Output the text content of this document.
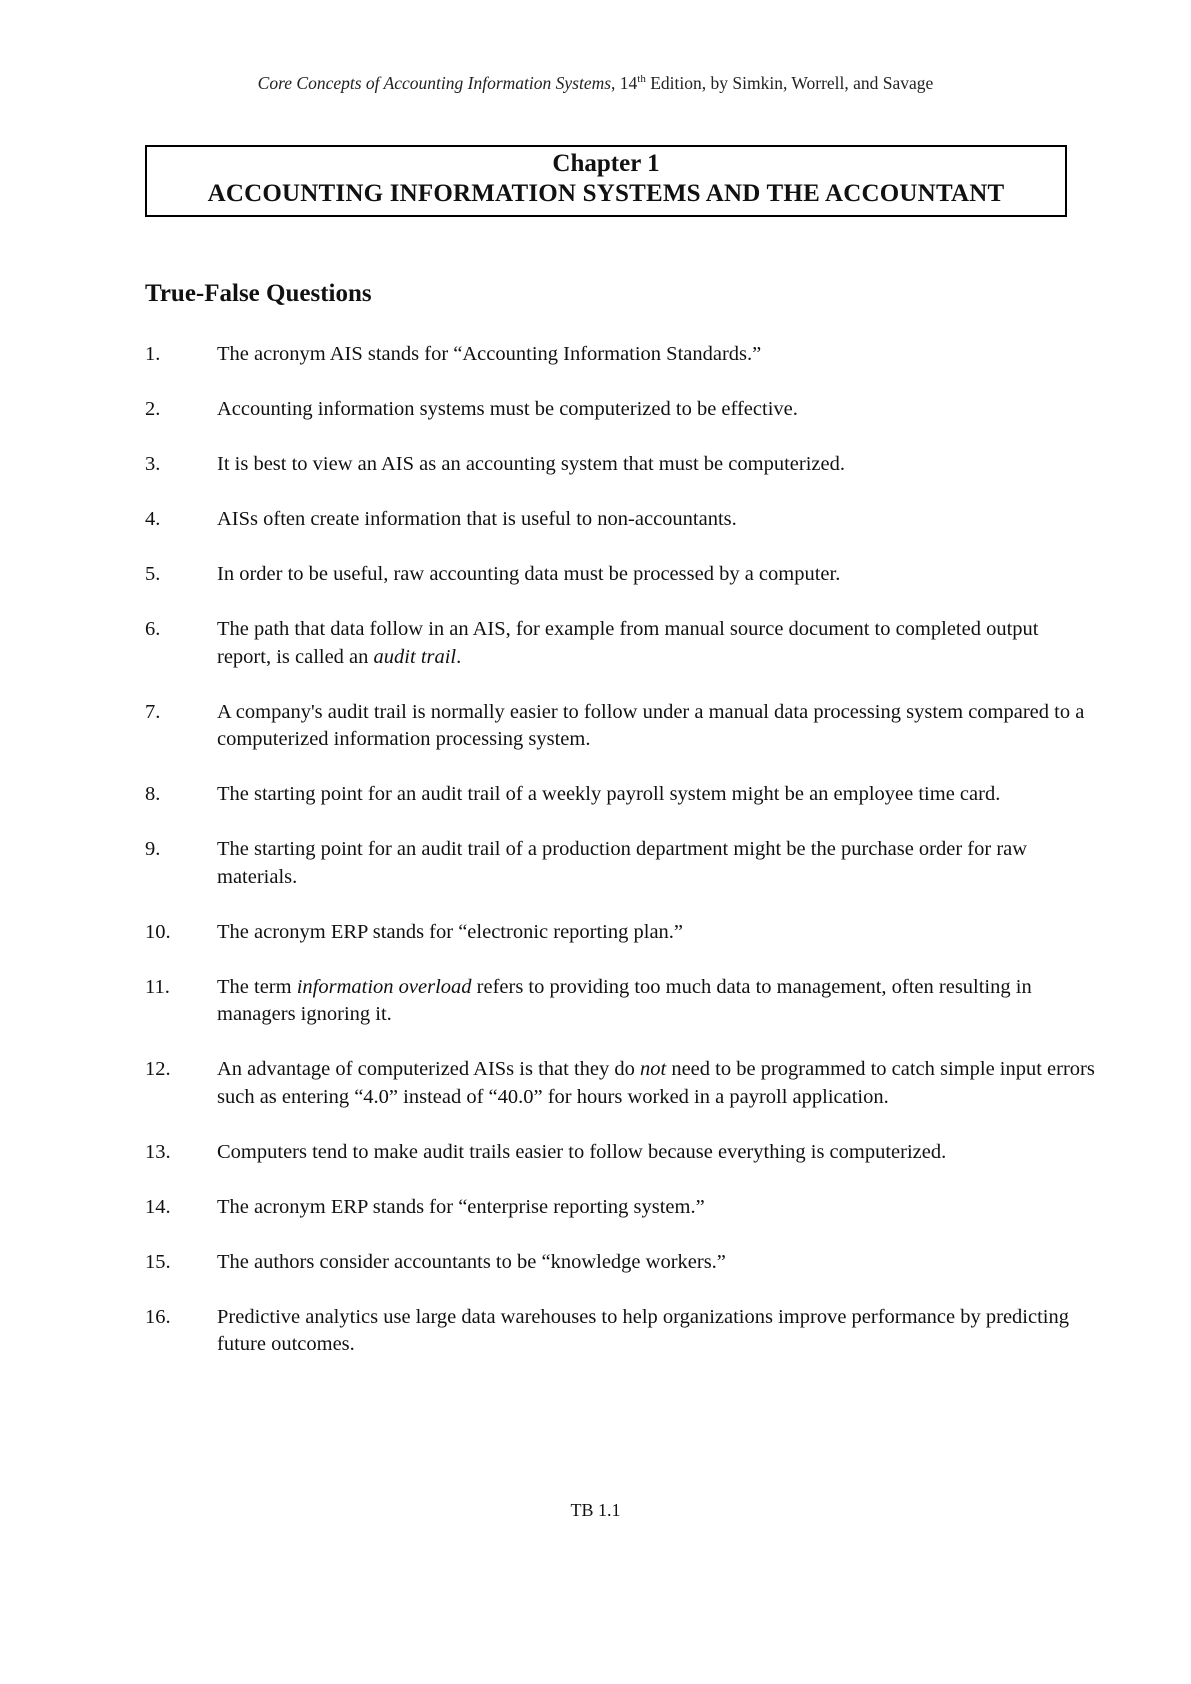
Core Concepts of Accounting Information Systems, 14th Edition, by Simkin, Worrell, and Savage
Chapter 1
ACCOUNTING INFORMATION SYSTEMS AND THE ACCOUNTANT
True-False Questions
1.	The acronym AIS stands for “Accounting Information Standards.”
2.	Accounting information systems must be computerized to be effective.
3.	It is best to view an AIS as an accounting system that must be computerized.
4.	AISs often create information that is useful to non-accountants.
5.	In order to be useful, raw accounting data must be processed by a computer.
6.	The path that data follow in an AIS, for example from manual source document to completed output report, is called an audit trail.
7.	A company's audit trail is normally easier to follow under a manual data processing system compared to a computerized information processing system.
8.	The starting point for an audit trail of a weekly payroll system might be an employee time card.
9.	The starting point for an audit trail of a production department might be the purchase order for raw materials.
10.	The acronym ERP stands for “electronic reporting plan.”
11.	The term information overload refers to providing too much data to management, often resulting in managers ignoring it.
12.	An advantage of computerized AISs is that they do not need to be programmed to catch simple input errors such as entering “4.0” instead of “40.0” for hours worked in a payroll application.
13.	Computers tend to make audit trails easier to follow because everything is computerized.
14.	The acronym ERP stands for “enterprise reporting system.”
15.	The authors consider accountants to be “knowledge workers.”
16.	Predictive analytics use large data warehouses to help organizations improve performance by predicting future outcomes.
TB 1.1
